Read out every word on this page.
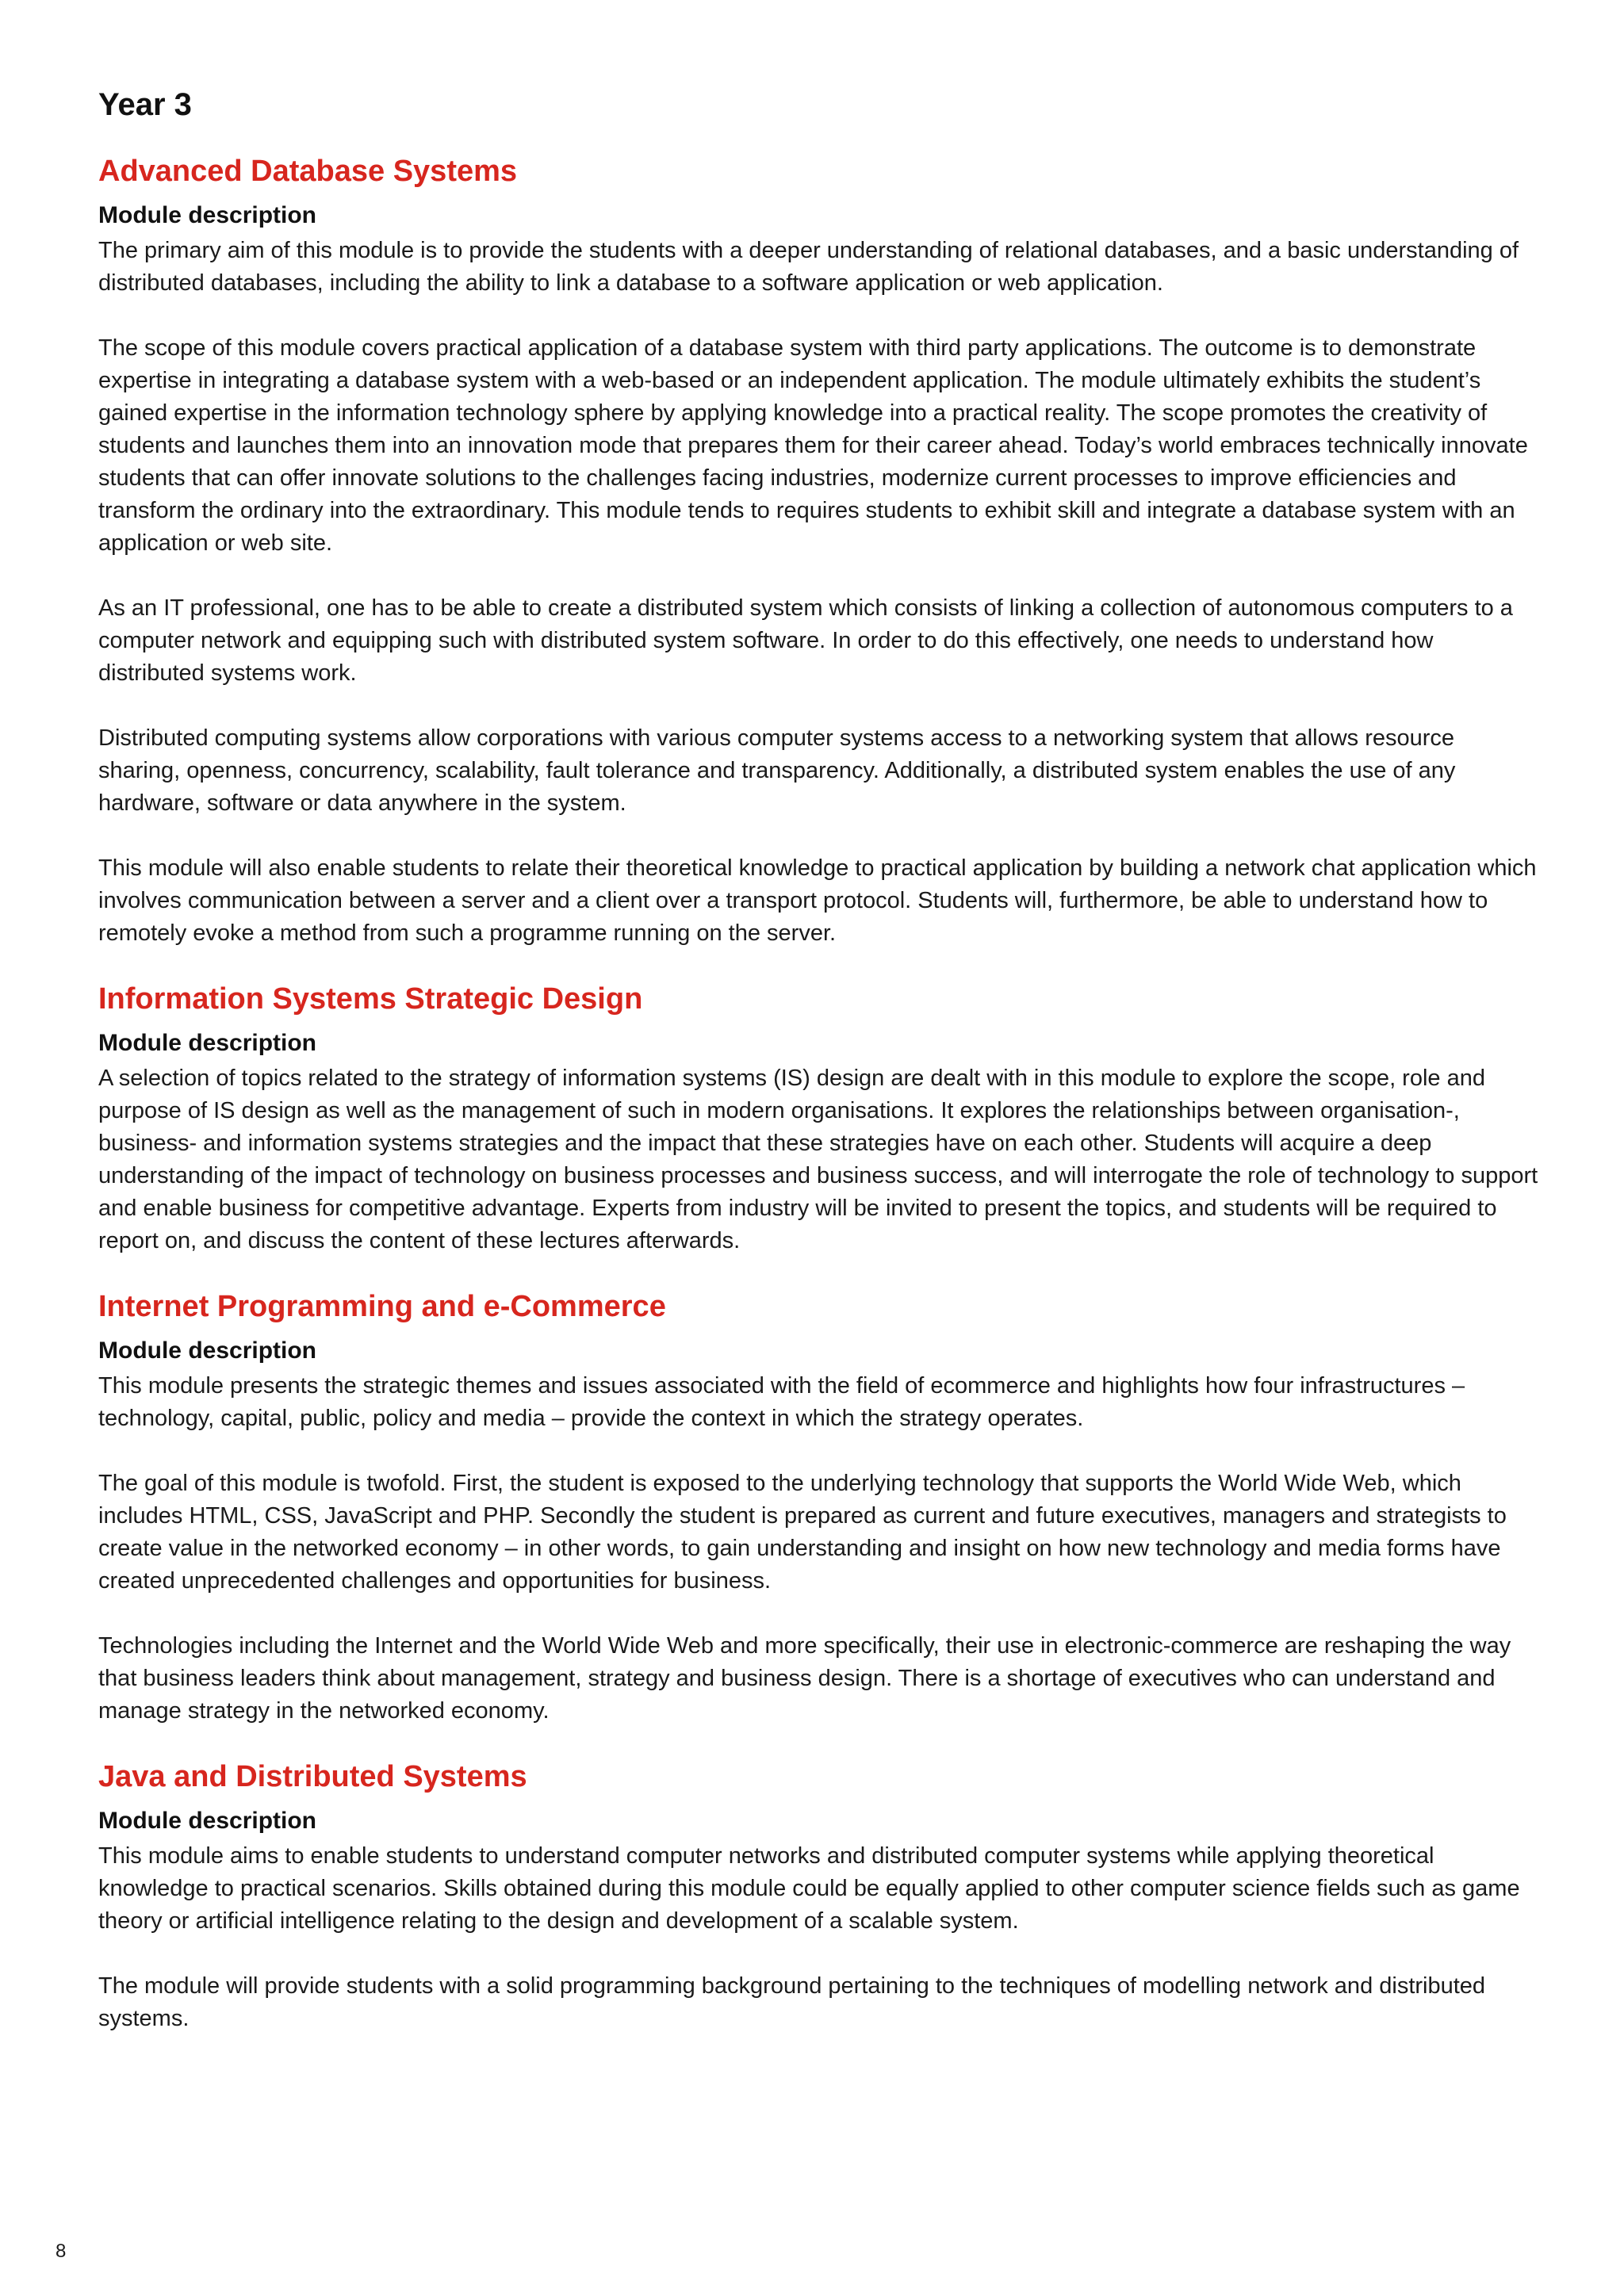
Year 3
Advanced Database Systems
Module description

The primary aim of this module is to provide the students with a deeper understanding of relational databases, and a basic understanding of distributed databases, including the ability to link a database to a software application or web application.

The scope of this module covers practical application of a database system with third party applications. The outcome is to demonstrate expertise in integrating a database system with a web-based or an independent application. The module ultimately exhibits the student’s gained expertise in the information technology sphere by applying knowledge into a practical reality. The scope promotes the creativity of students and launches them into an innovation mode that prepares them for their career ahead. Today’s world embraces technically innovate students that can offer innovate solutions to the challenges facing industries, modernize current processes to improve efficiencies and transform the ordinary into the extraordinary. This module tends to requires students to exhibit skill and integrate a database system with an application or web site.

As an IT professional, one has to be able to create a distributed system which consists of linking a collection of autonomous computers to a computer network and equipping such with distributed system software. In order to do this effectively, one needs to understand how distributed systems work.

Distributed computing systems allow corporations with various computer systems access to a networking system that allows resource sharing, openness, concurrency, scalability, fault tolerance and transparency. Additionally, a distributed system enables the use of any hardware, software or data anywhere in the system.

This module will also enable students to relate their theoretical knowledge to practical application by building a network chat application which involves communication between a server and a client over a transport protocol. Students will, furthermore, be able to understand how to remotely evoke a method from such a programme running on the server.

Information Systems Strategic Design
Module description

A selection of topics related to the strategy of information systems (IS) design are dealt with in this module to explore the scope, role and purpose of IS design as well as the management of such in modern organisations. It explores the relationships between organisation-, business- and information systems strategies and the impact that these strategies have on each other. Students will acquire a deep understanding of the impact of technology on business processes and business success, and will interrogate the role of technology to support and enable business for competitive advantage. Experts from industry will be invited to present the topics, and students will be required to report on, and discuss the content of these lectures afterwards.

Internet Programming and e-Commerce
Module description

This module presents the strategic themes and issues associated with the field of ecommerce and highlights how four infrastructures – technology, capital, public, policy and media – provide the context in which the strategy operates.

The goal of this module is twofold. First, the student is exposed to the underlying technology that supports the World Wide Web, which includes HTML, CSS, JavaScript and PHP. Secondly the student is prepared as current and future executives, managers and strategists to create value in the networked economy – in other words, to gain understanding and insight on how new technology and media forms have created unprecedented challenges and opportunities for business.

Technologies including the Internet and the World Wide Web and more specifically, their use in electronic-commerce are reshaping the way that business leaders think about management, strategy and business design. There is a shortage of executives who can understand and manage strategy in the networked economy.

Java and Distributed Systems
Module description

This module aims to enable students to understand computer networks and distributed computer systems while applying theoretical knowledge to practical scenarios. Skills obtained during this module could be equally applied to other computer science fields such as game theory or artificial intelligence relating to the design and development of a scalable system.

The module will provide students with a solid programming background pertaining to the techniques of modelling network and distributed systems.

8
